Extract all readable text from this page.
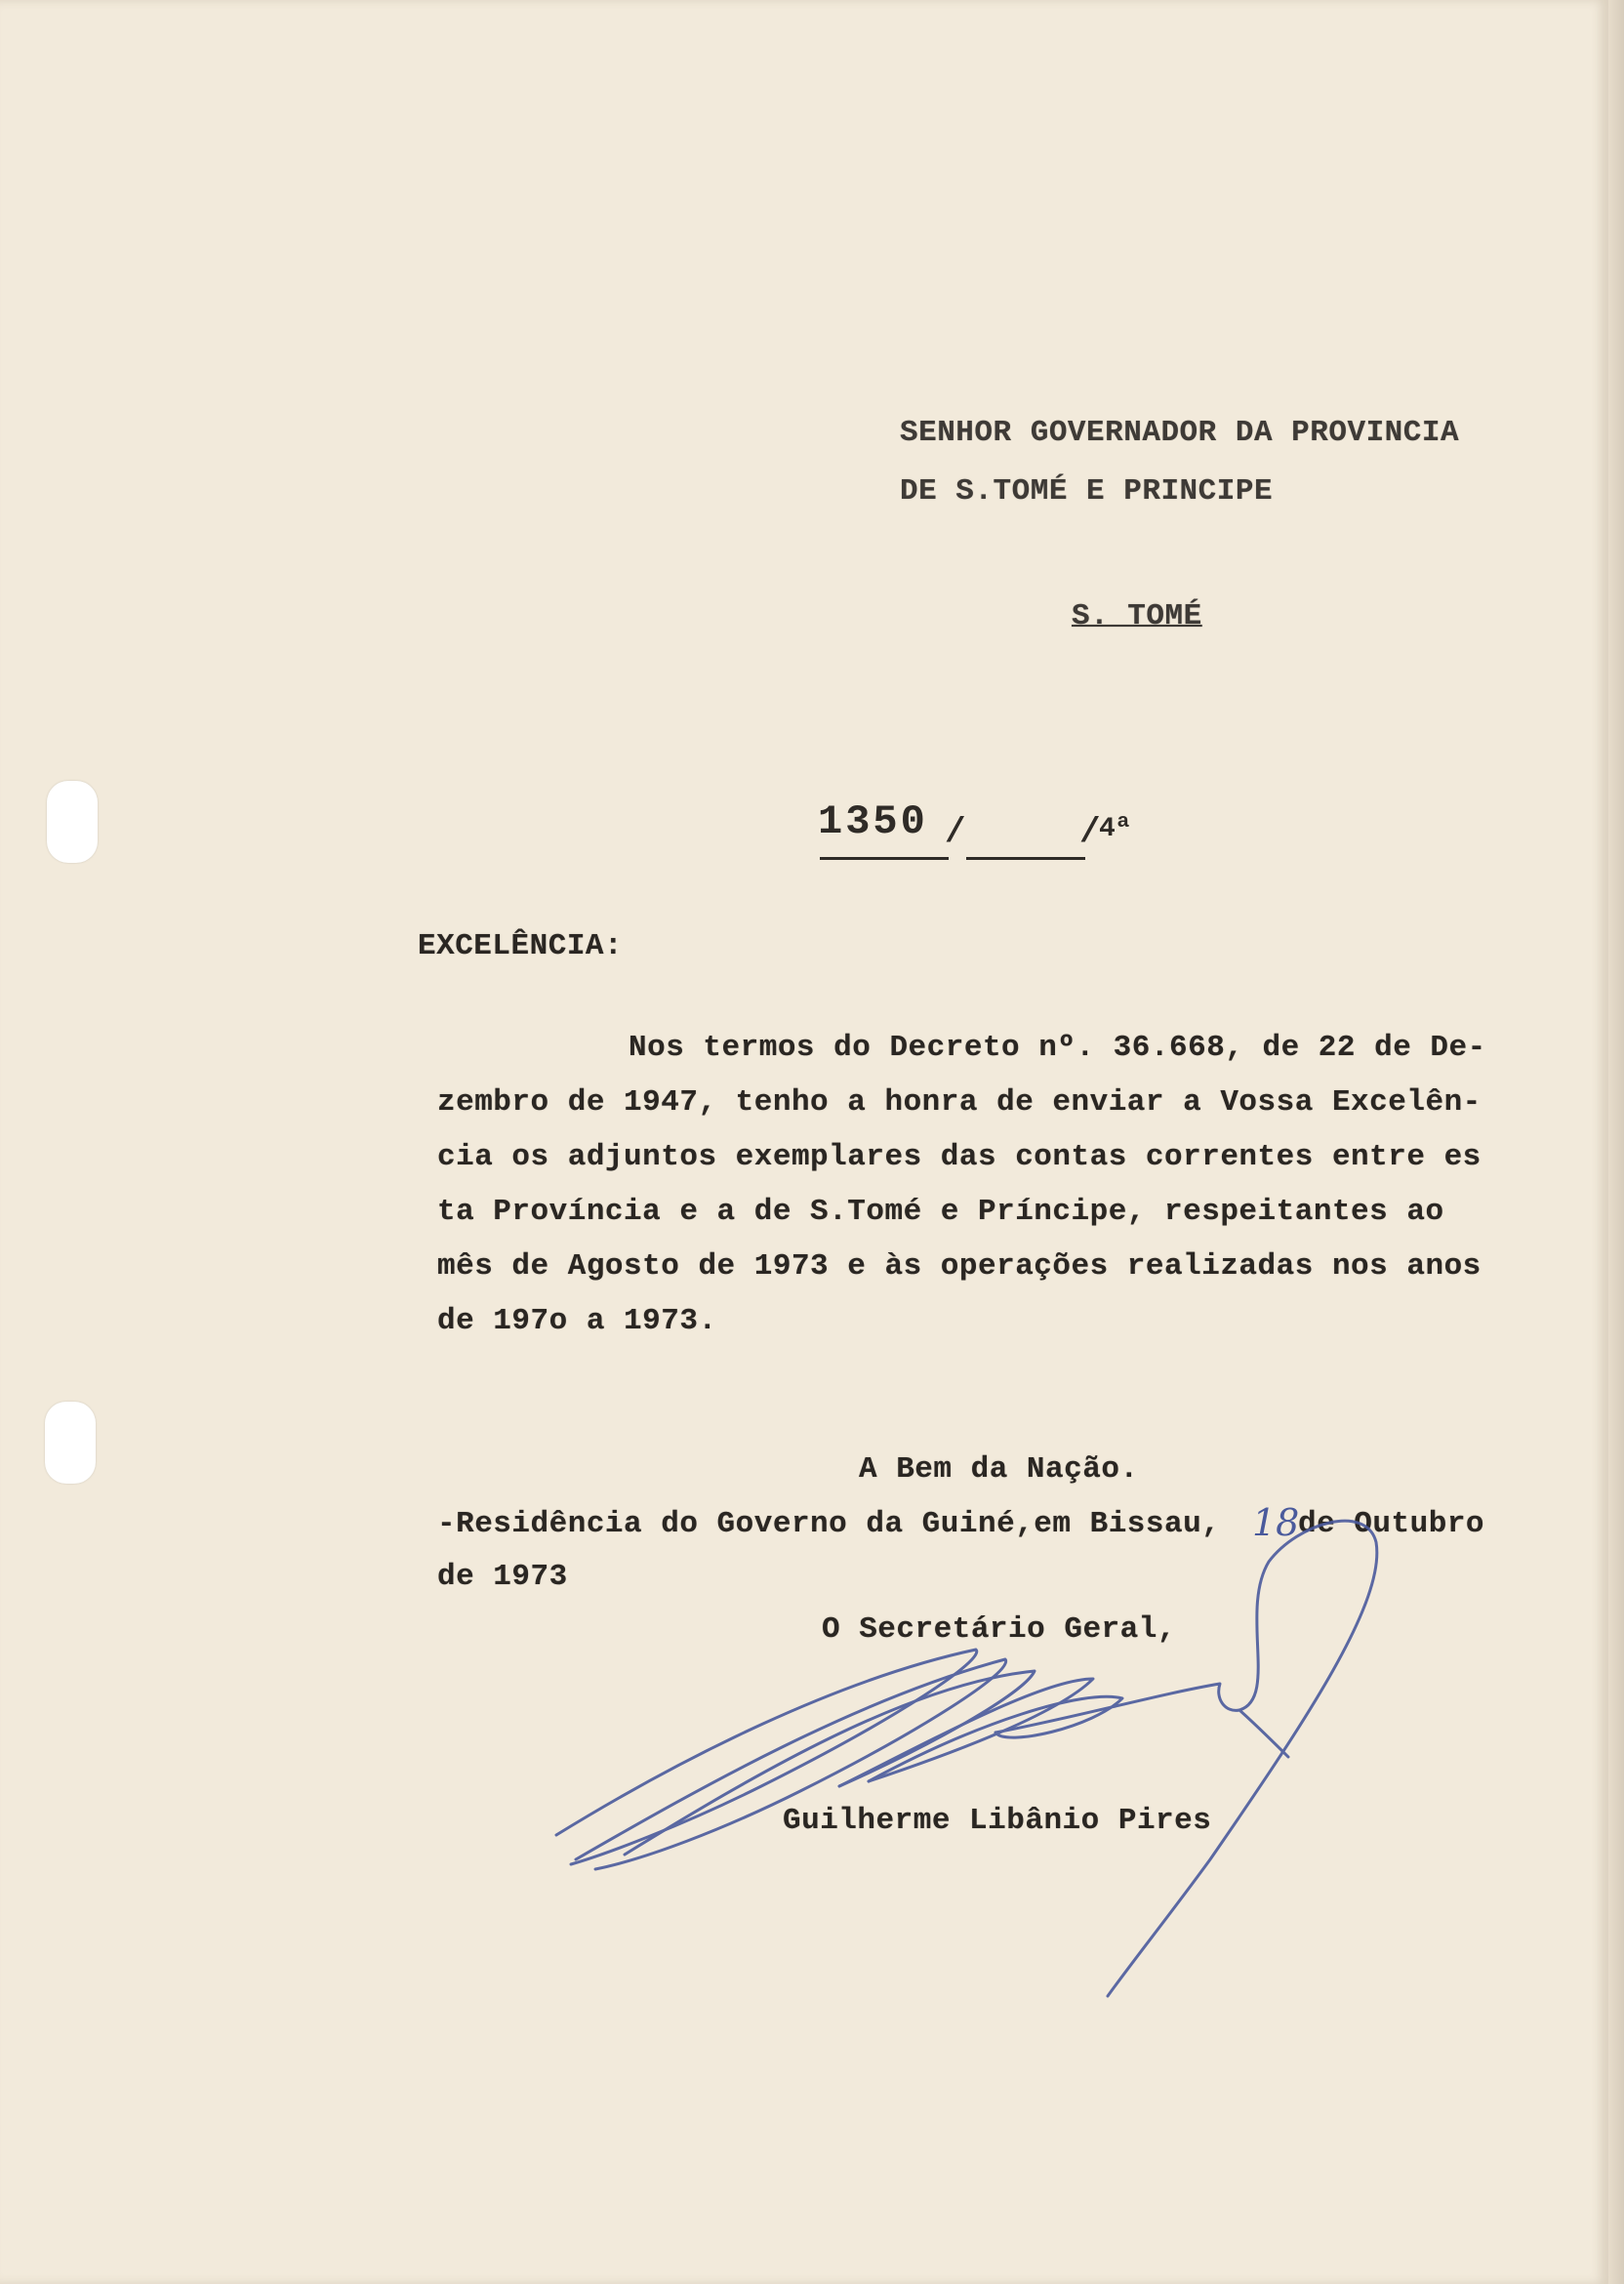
SENHOR GOVERNADOR DA PROVINCIA
DE S.TOMÉ E PRINCIPE
S. TOMÉ
1350 /	/
4ª
EXCELÊNCIA:
Nos termos do Decreto nº. 36.668, de 22 de De-
zembro de 1947, tenho a honra de enviar a Vossa Excelên-
cia os adjuntos exemplares das contas correntes entre es
ta Província e a de S.Tomé e Príncipe, respeitantes ao
mês de Agosto de 1973 e às operações realizadas nos anos
de 197o a 1973.
A Bem da Nação.
-Residência do Governo da Guiné,em Bissau, 18
de Outubro
de 1973
O Secretário Geral,
Guilherme Libânio Pires
